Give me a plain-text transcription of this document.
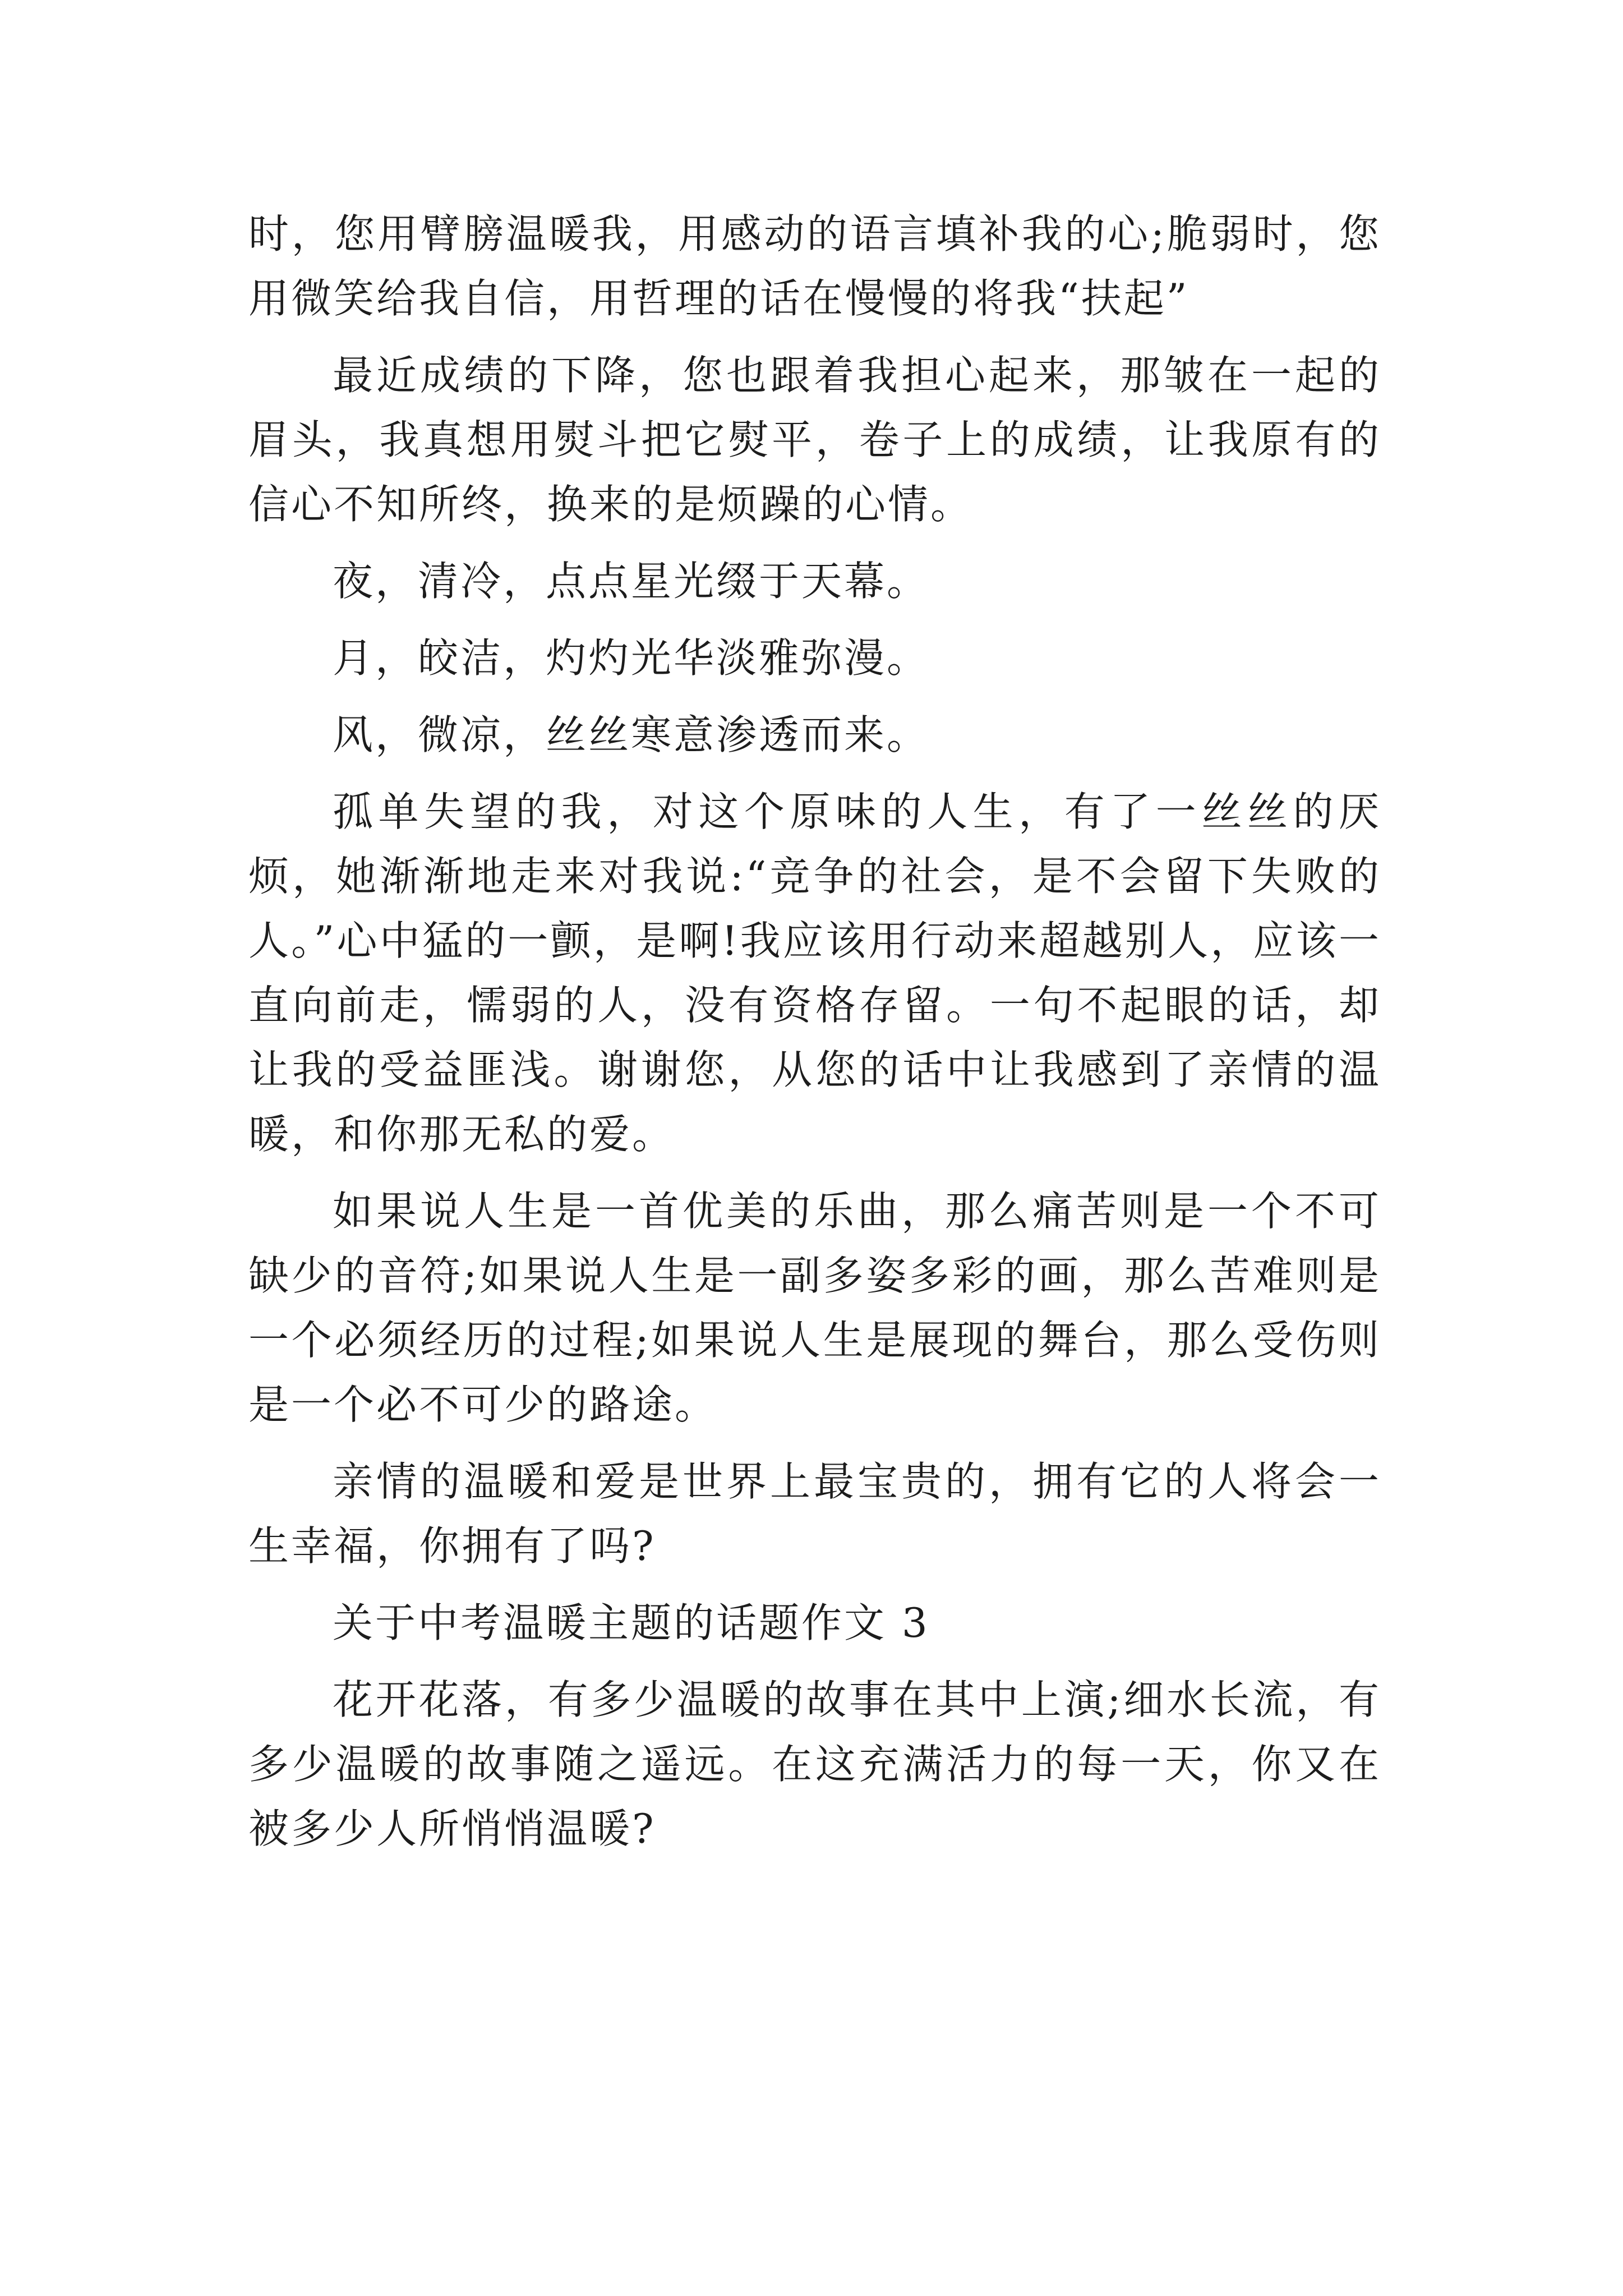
时，您用臂膀温暖我，用感动的语言填补我的心;脆弱时，您用微笑给我自信，用哲理的话在慢慢的将我“扶起”

最近成绩的下降，您也跟着我担心起来，那皱在一起的眉头，我真想用熨斗把它熨平，卷子上的成绩，让我原有的信心不知所终，换来的是烦躁的心情。

夜，清冷，点点星光缀于天幕。

月，皎洁，灼灼光华淡雅弥漫。

风，微凉，丝丝寒意渗透而来。

孤单失望的我，对这个原味的人生，有了一丝丝的厌烦，她渐渐地走来对我说:“竞争的社会，是不会留下失败的人。”心中猛的一颤，是啊!我应该用行动来超越别人，应该一直向前走，懦弱的人，没有资格存留。一句不起眼的话，却让我的受益匪浅。谢谢您，从您的话中让我感到了亲情的温暖，和你那无私的爱。

如果说人生是一首优美的乐曲，那么痛苦则是一个不可缺少的音符;如果说人生是一副多姿多彩的画，那么苦难则是一个必须经历的过程;如果说人生是展现的舞台，那么受伤则是一个必不可少的路途。

亲情的温暖和爱是世界上最宝贵的，拥有它的人将会一生幸福，你拥有了吗?

关于中考温暖主题的话题作文 3

花开花落，有多少温暖的故事在其中上演;细水长流，有多少温暖的故事随之遥远。在这充满活力的每一天，你又在被多少人所悄悄温暖?
